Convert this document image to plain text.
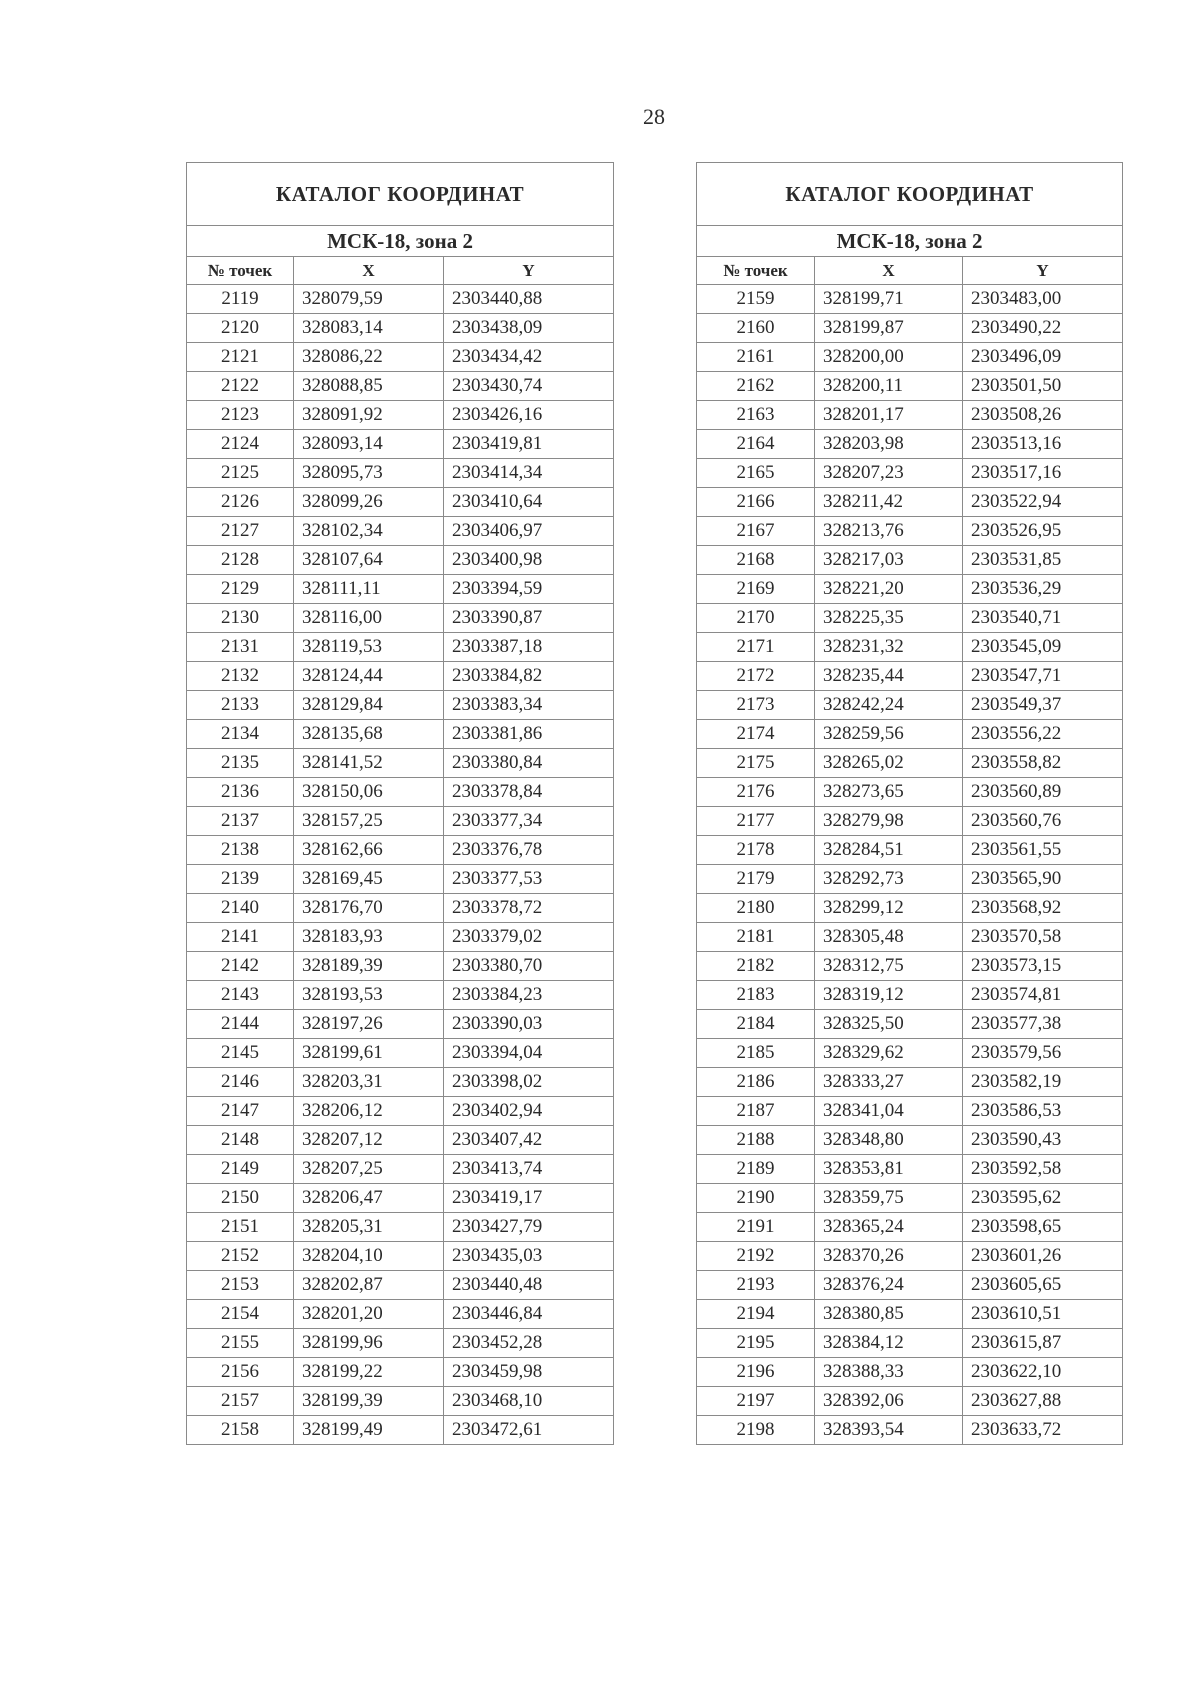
28
КАТАЛОГ КООРДИНАТ		
МСК-18, зона 2		
№ точек	X	Y
2119	328079,59	2303440,88
2120	328083,14	2303438,09
2121	328086,22	2303434,42
2122	328088,85	2303430,74
2123	328091,92	2303426,16
2124	328093,14	2303419,81
2125	328095,73	2303414,34
2126	328099,26	2303410,64
2127	328102,34	2303406,97
2128	328107,64	2303400,98
2129	328111,11	2303394,59
2130	328116,00	2303390,87
2131	328119,53	2303387,18
2132	328124,44	2303384,82
2133	328129,84	2303383,34
2134	328135,68	2303381,86
2135	328141,52	2303380,84
2136	328150,06	2303378,84
2137	328157,25	2303377,34
2138	328162,66	2303376,78
2139	328169,45	2303377,53
2140	328176,70	2303378,72
2141	328183,93	2303379,02
2142	328189,39	2303380,70
2143	328193,53	2303384,23
2144	328197,26	2303390,03
2145	328199,61	2303394,04
2146	328203,31	2303398,02
2147	328206,12	2303402,94
2148	328207,12	2303407,42
2149	328207,25	2303413,74
2150	328206,47	2303419,17
2151	328205,31	2303427,79
2152	328204,10	2303435,03
2153	328202,87	2303440,48
2154	328201,20	2303446,84
2155	328199,96	2303452,28
2156	328199,22	2303459,98
2157	328199,39	2303468,10
2158	328199,49	2303472,61
КАТАЛОГ КООРДИНАТ		
МСК-18, зона 2		
№ точек	X	Y
2159	328199,71	2303483,00
2160	328199,87	2303490,22
2161	328200,00	2303496,09
2162	328200,11	2303501,50
2163	328201,17	2303508,26
2164	328203,98	2303513,16
2165	328207,23	2303517,16
2166	328211,42	2303522,94
2167	328213,76	2303526,95
2168	328217,03	2303531,85
2169	328221,20	2303536,29
2170	328225,35	2303540,71
2171	328231,32	2303545,09
2172	328235,44	2303547,71
2173	328242,24	2303549,37
2174	328259,56	2303556,22
2175	328265,02	2303558,82
2176	328273,65	2303560,89
2177	328279,98	2303560,76
2178	328284,51	2303561,55
2179	328292,73	2303565,90
2180	328299,12	2303568,92
2181	328305,48	2303570,58
2182	328312,75	2303573,15
2183	328319,12	2303574,81
2184	328325,50	2303577,38
2185	328329,62	2303579,56
2186	328333,27	2303582,19
2187	328341,04	2303586,53
2188	328348,80	2303590,43
2189	328353,81	2303592,58
2190	328359,75	2303595,62
2191	328365,24	2303598,65
2192	328370,26	2303601,26
2193	328376,24	2303605,65
2194	328380,85	2303610,51
2195	328384,12	2303615,87
2196	328388,33	2303622,10
2197	328392,06	2303627,88
2198	328393,54	2303633,72
